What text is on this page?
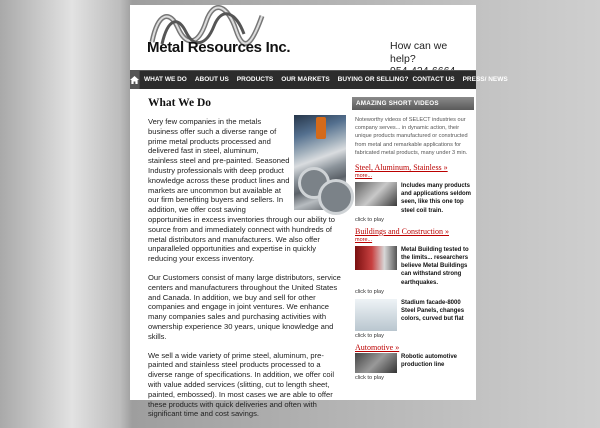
Metal Resources Inc.	How can we
help?
WHAT WE DO	ABOUT US	PRODUCTS	OUR MARKETS	BUYING OR SELLING? CONTACT US	PRESS/ NEWS
What We Do

Very few companies in the metals business offer such a diverse range of prime metal products processed and delivered fast in steel, aluminum, stainless steel and pre-painted. Seasoned Industry professionals with deep product knowledge across these product lines and markets are uncommon but available at our firm benefiting buyers and sellers. In addition, we offer cost saving opportunities in excess inventories through our ability to source from and immediately connect with hundreds of metal distributors and manufacturers. We also offer unparalleled opportunities and expertise in quickly reducing your excess inventory.

Our Customers consist of many large distributors, service centers and manufacturers throughout the United States and Canada. In addition, we buy and sell for other companies and engage in joint ventures. We enhance many companies sales and purchasing activities with ownership experience 30 years, unique knowledge and skills.

We sell a wide variety of prime steel, aluminum, pre-painted and stainless steel products processed to a diverse range of specifications. In addition, we offer coil with value added services (slitting, cut to length sheet, painted, embossed). In most cases we are able to offer these products with quick deliveries and often with significant time and cost savings.

AMAZING SHORT VIDEOS

Noteworthy videos of SELECT industries our company serves... in dynamic action, their unique products manufactured or constructed from metal and remarkable applications for fabricated metal products, many under 3 min.

Steel, Aluminum, Stainless »
more...
Includes many products and applications seldom seen, like this one top steel coil train.
click to play
Buildings and Construction »
more...
Metal Building tested to the limits... researchers believe Metal Buildings can withstand strong earthquakes.
click to play
Stadium facade-8000 Steel Panels, changes colors, curved but flat
click to play
Automotive »
Robotic automotive production line
click to play
